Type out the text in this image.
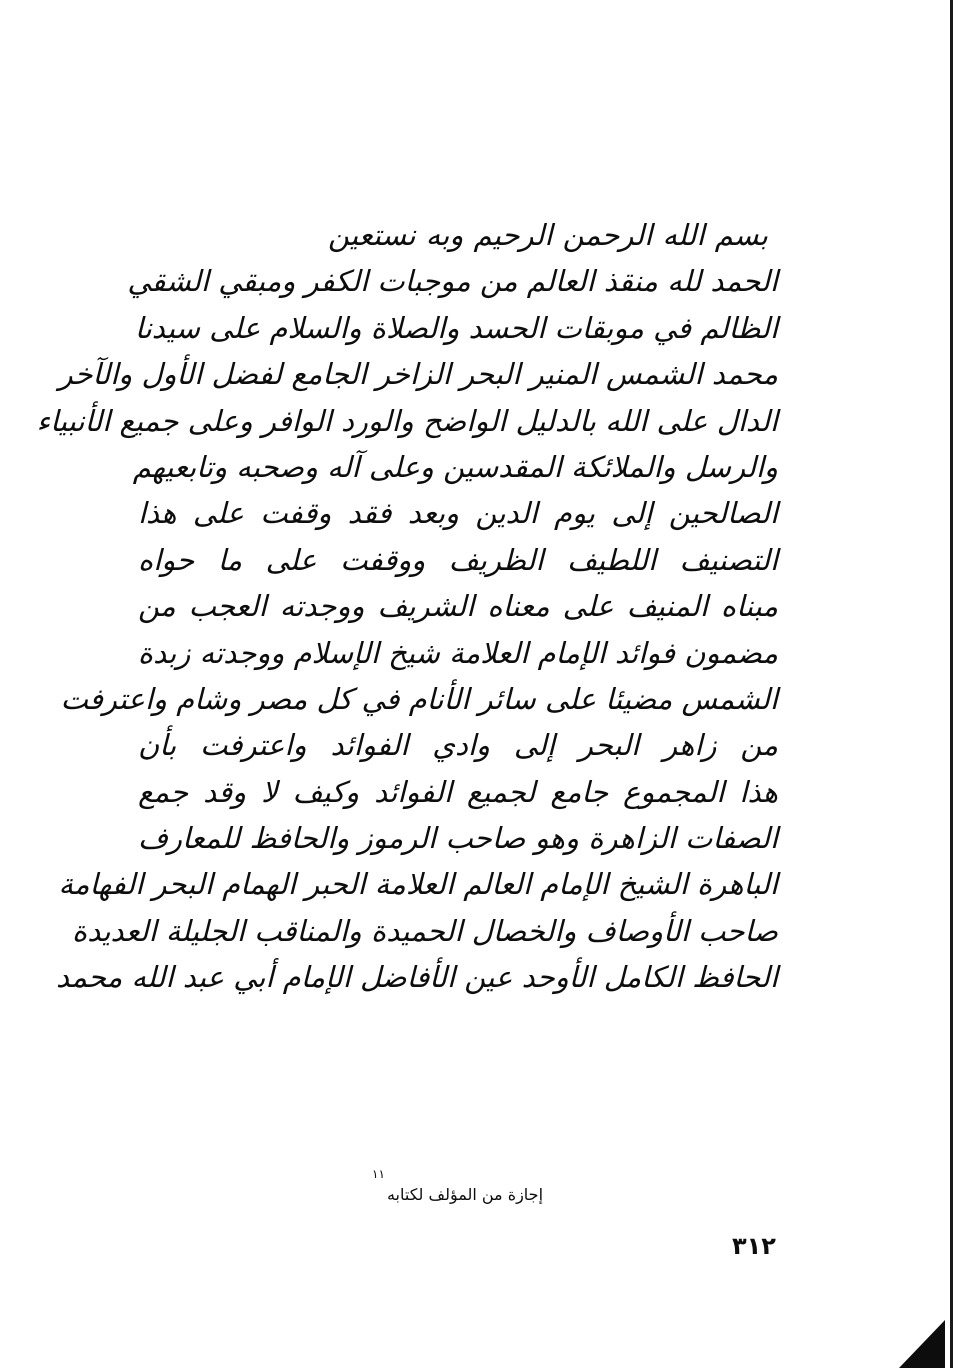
بسم الله الرحمن الرحيم وبه نستعين
الحمد لله منقذ العالم من موجبات الكفر ومبقي الشقي
الظالم في موبقات الحسد والصلاة والسلام على سيدنا
محمد الشمس المنير البحر الزاخر الجامع لفضل الأول والآخر
الدال على الله بالدليل الواضح والورد الوافر وعلى جميع الأنبياء
والرسل والملائكة المقدسين وعلى آله وصحبه وتابعيهم
الصالحين إلى يوم الدين وبعد فقد وقفت على هذا
التصنيف اللطيف الظريف ووقفت على ما حواه
مبناه المنيف على معناه الشريف ووجدته العجب من
مضمون فوائد الإمام العلامة شيخ الإسلام ووجدته زبدة
الشمس مضيئا على سائر الأنام في كل مصر وشام واعترفت
من زاهر البحر إلى وادي الفوائد واعترفت بأن
هذا المجموع جامع لجميع الفوائد وكيف لا وقد جمع
الصفات الزاهرة وهو صاحب الرموز والحافظ للمعارف
الباهرة الشيخ الإمام العالم العلامة الحبر الهمام البحر الفهامة
صاحب الأوصاف والخصال الحميدة والمناقب الجليلة العديدة
الحافظ الكامل الأوحد عين الأفاضل الإمام أبي عبد الله محمد
١١
إجازة من المؤلف لكتابه
٣١٢
